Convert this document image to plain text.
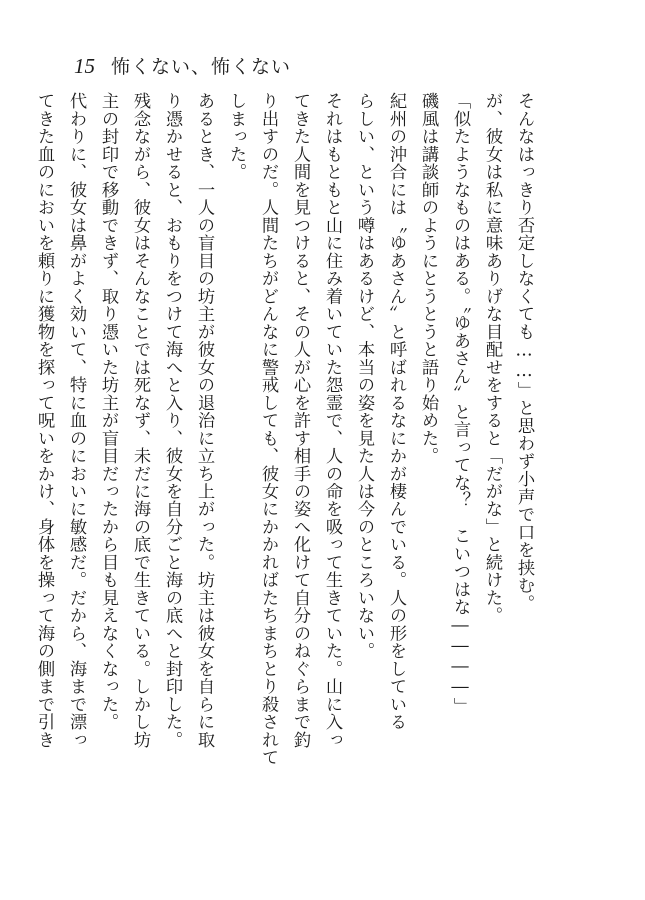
15 怖くない、怖くない

そんなはっきり否定しなくても……」と思わず小声で口を挟む。

が、彼女は私に意味ありげな目配せをすると「だがな」と続けた。

「似たようなものはある。〝ゆあさん〟と言ってな？　こいつはな――――」

磯風は講談師のようにとうとうと語り始めた。

紀州の沖合には〝ゆあさん〟と呼ばれるなにかが棲んでいる。人の形をしている

らしい、という噂はあるけど、本当の姿を見た人は今のところいない。

それはもともと山に住み着いていた怨霊で、人の命を吸って生きていた。山に入っ

てきた人間を見つけると、その人が心を許す相手の姿へ化けて自分のねぐらまで釣

り出すのだ。人間たちがどんなに警戒しても、彼女にかかればたちまちとり殺されて

しまった。

あるとき、一人の盲目の坊主が彼女の退治に立ち上がった。坊主は彼女を自らに取

り憑かせると、おもりをつけて海へと入り、彼女を自分ごと海の底へと封印した。

残念ながら、彼女はそんなことでは死なず、未だに海の底で生きている。しかし坊

主の封印で移動できず、取り憑いた坊主が盲目だったから目も見えなくなった。

代わりに、彼女は鼻がよく効いて、特に血のにおいに敏感だ。だから、海まで漂っ

てきた血のにおいを頼りに獲物を探って呪いをかけ、身体を操って海の側まで引き
